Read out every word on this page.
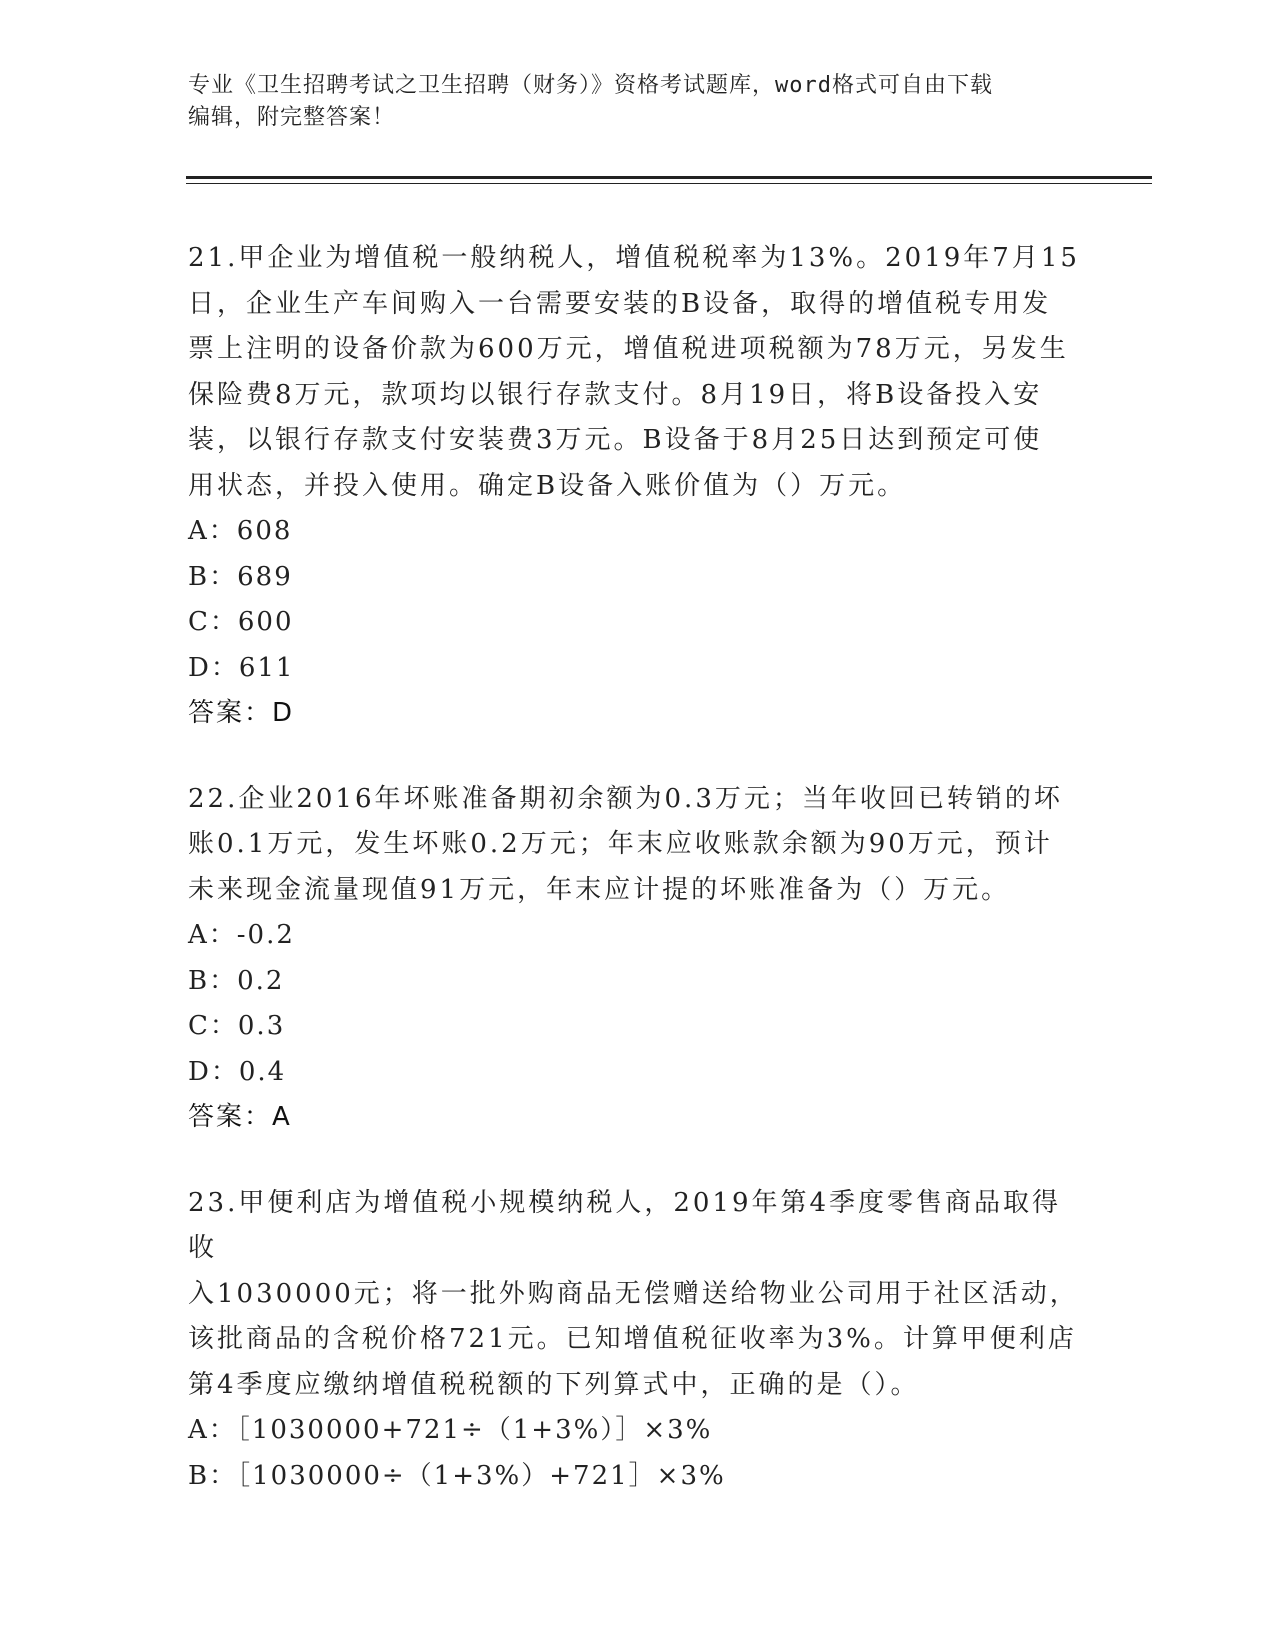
专业《卫生招聘考试之卫生招聘（财务）》资格考试题库，word格式可自由下载
编辑，附完整答案！
21.甲企业为增值税一般纳税人，增值税税率为13%。2019年7月15
日，企业生产车间购入一台需要安装的B设备，取得的增值税专用发
票上注明的设备价款为600万元，增值税进项税额为78万元，另发生
保险费8万元，款项均以银行存款支付。8月19日，将B设备投入安
装，以银行存款支付安装费3万元。B设备于8月25日达到预定可使
用状态，并投入使用。确定B设备入账价值为（）万元。
A：608
B：689
C：600
D：611
答案：D
22.企业2016年坏账准备期初余额为0.3万元；当年收回已转销的坏
账0.1万元，发生坏账0.2万元；年末应收账款余额为90万元，预计
未来现金流量现值91万元，年末应计提的坏账准备为（）万元。
A：-0.2
B：0.2
C：0.3
D：0.4
答案：A
23.甲便利店为增值税小规模纳税人，2019年第4季度零售商品取得收
入1030000元；将一批外购商品无偿赠送给物业公司用于社区活动，
该批商品的含税价格721元。已知增值税征收率为3%。计算甲便利店
第4季度应缴纳增值税税额的下列算式中，正确的是（）。
A：［1030000+721÷（1+3%）］×3%
B：［1030000÷（1+3%）+721］×3%
